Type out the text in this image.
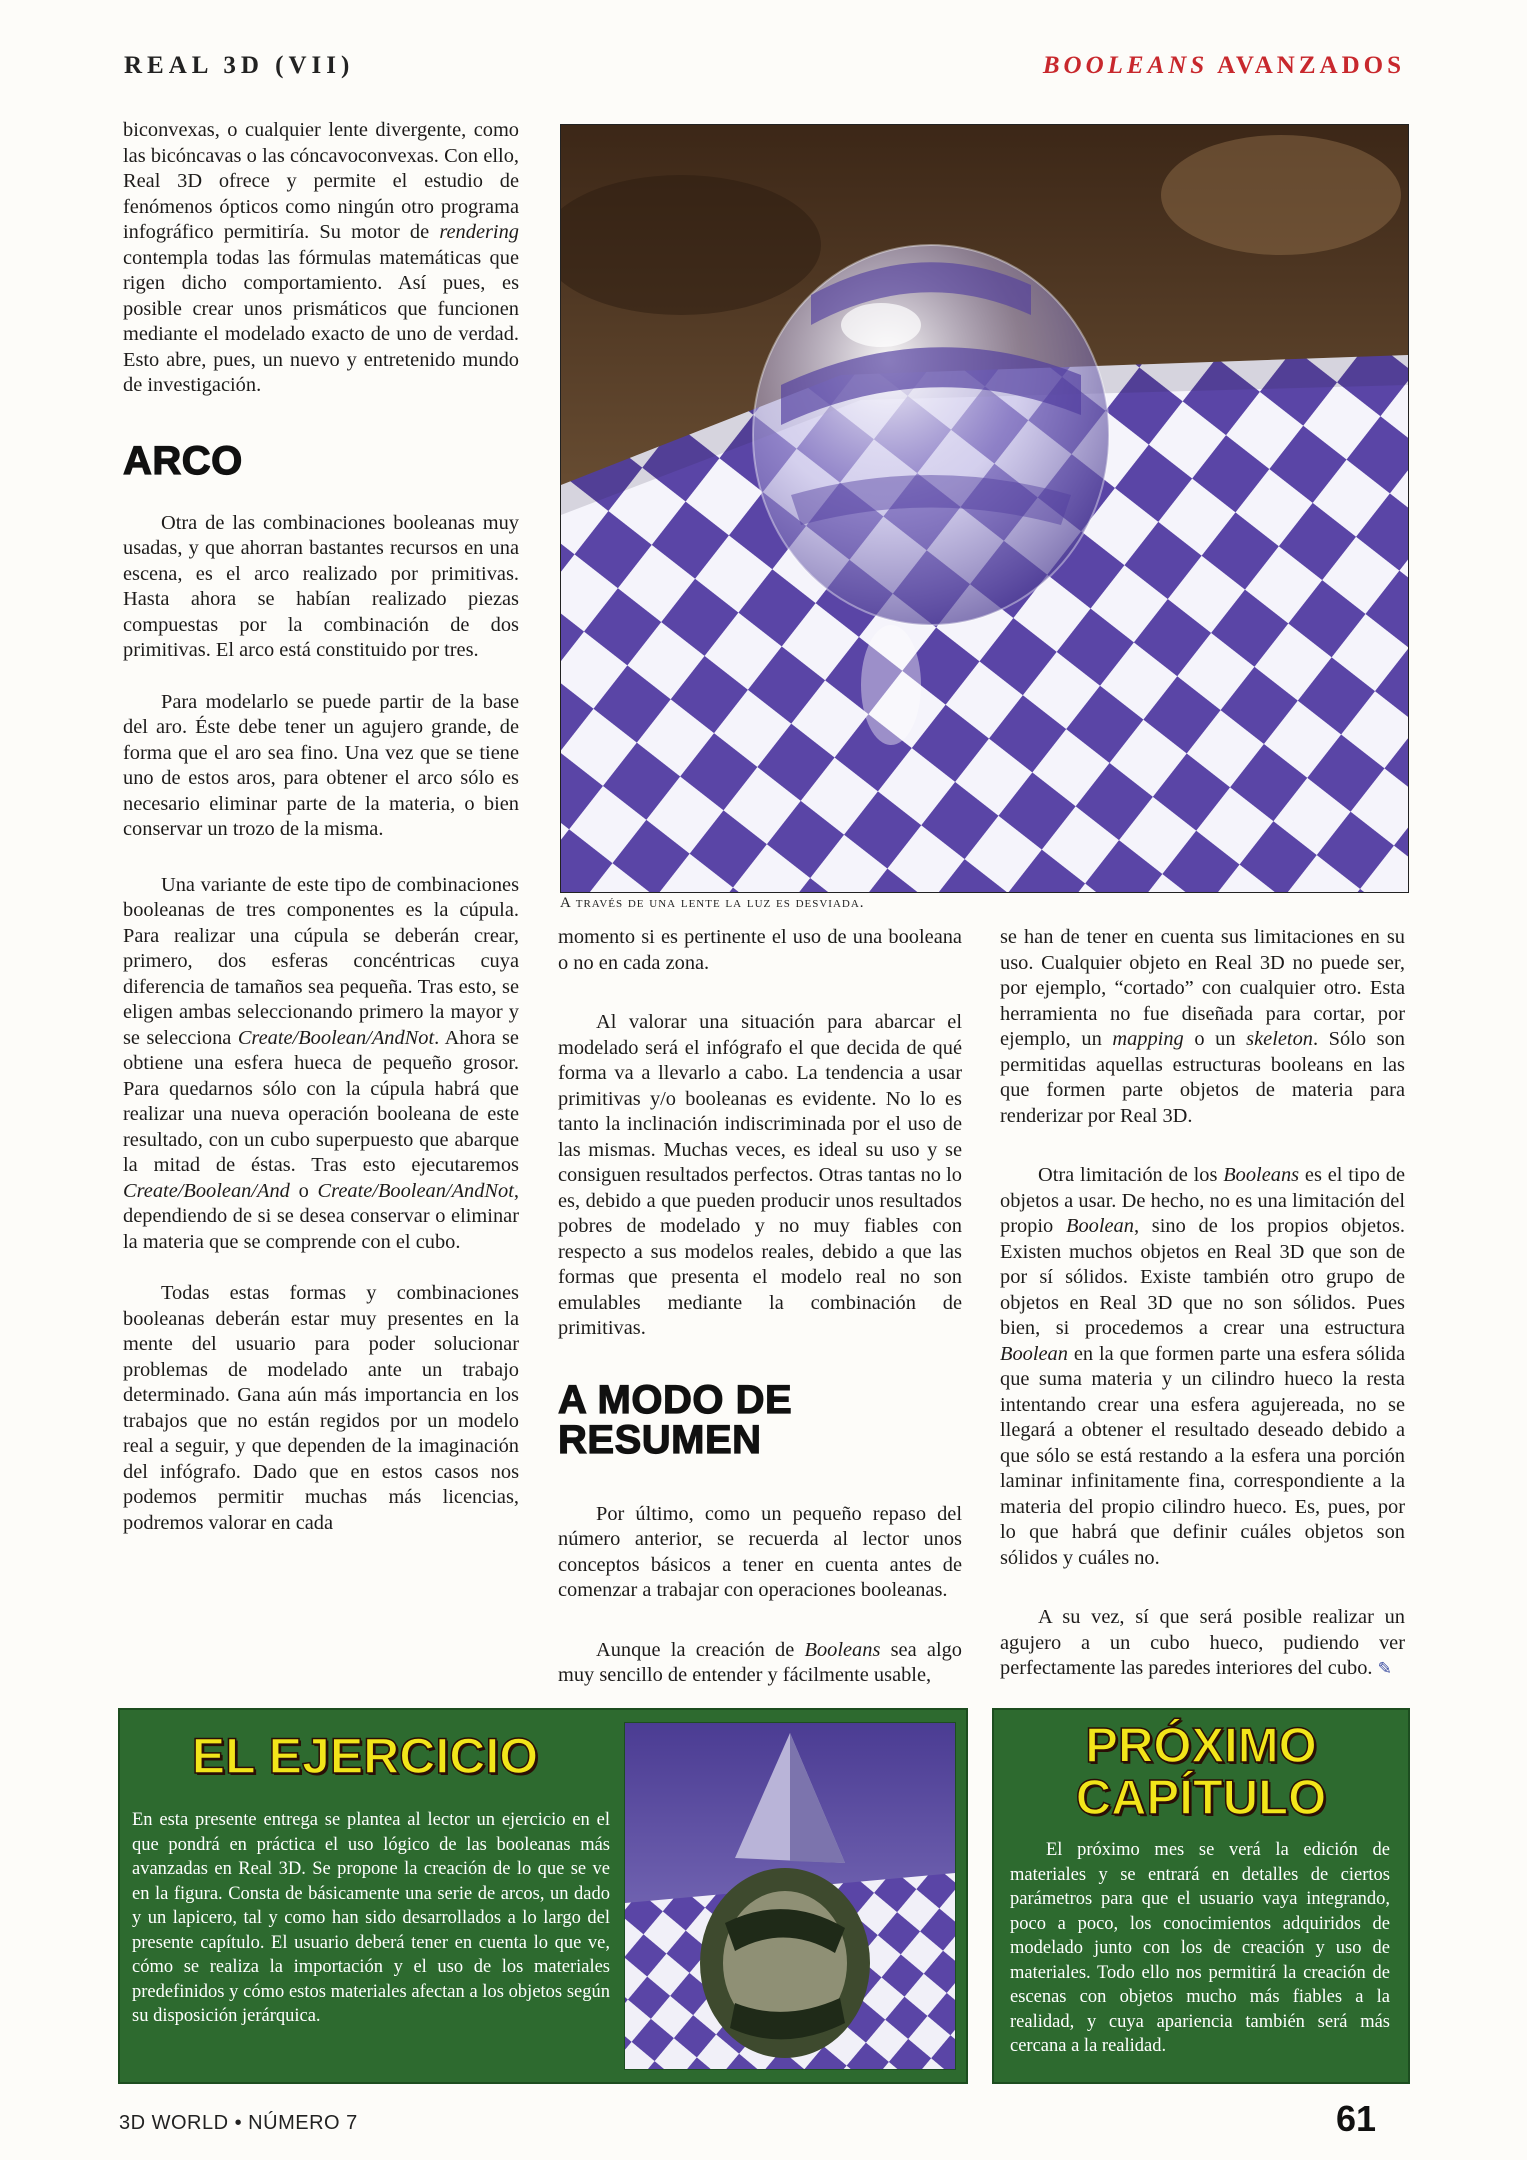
REAL 3D (VII)	BOOLEANS AVANZADOS

biconvexas, o cualquier lente divergente, como las bicóncavas o las cóncavoconvexas. Con ello, Real 3D ofrece y permite el estudio de fenómenos ópticos como ningún otro programa infográfico permitiría. Su motor de rendering contempla todas las fórmulas matemáticas que rigen dicho comportamiento. Así pues, es posible crear unos prismáticos que funcionen mediante el modelado exacto de uno de verdad. Esto abre, pues, un nuevo y entretenido mundo de investigación.

ARCO

Otra de las combinaciones booleanas muy usadas, y que ahorran bastantes recursos en una escena, es el arco realizado por primitivas. Hasta ahora se habían realizado piezas compuestas por la combinación de dos primitivas. El arco está constituido por tres.

Para modelarlo se puede partir de la base del aro. Éste debe tener un agujero grande, de forma que el aro sea fino. Una vez que se tiene uno de estos aros, para obtener el arco sólo es necesario eliminar parte de la materia, o bien conservar un trozo de la misma.

Una variante de este tipo de combinaciones booleanas de tres componentes es la cúpula. Para realizar una cúpula se deberán crear, primero, dos esferas concéntricas cuya diferencia de tamaños sea pequeña. Tras esto, se eligen ambas seleccionando primero la mayor y se selecciona Create/Boolean/AndNot. Ahora se obtiene una esfera hueca de pequeño grosor. Para quedarnos sólo con la cúpula habrá que realizar una nueva operación booleana de este resultado, con un cubo superpuesto que abarque la mitad de éstas. Tras esto ejecutaremos Create/Boolean/And o Create/Boolean/AndNot, dependiendo de si se desea conservar o eliminar la materia que se comprende con el cubo.

Todas estas formas y combinaciones booleanas deberán estar muy presentes en la mente del usuario para poder solucionar problemas de modelado ante un trabajo determinado. Gana aún más importancia en los trabajos que no están regidos por un modelo real a seguir, y que dependen de la imaginación del infógrafo. Dado que en estos casos nos podemos permitir muchas más licencias, podremos valorar en cada

A través de una lente la luz es desviada.

momento si es pertinente el uso de una booleana o no en cada zona.

Al valorar una situación para abarcar el modelado será el infógrafo el que decida de qué forma va a llevarlo a cabo. La tendencia a usar primitivas y/o booleanas es evidente. No lo es tanto la inclinación indiscriminada por el uso de las mismas. Muchas veces, es ideal su uso y se consiguen resultados perfectos. Otras tantas no lo es, debido a que pueden producir unos resultados pobres de modelado y no muy fiables con respecto a sus modelos reales, debido a que las formas que presenta el modelo real no son emulables mediante la combinación de primitivas.

A MODO DE
RESUMEN

Por último, como un pequeño repaso del número anterior, se recuerda al lector unos conceptos básicos a tener en cuenta antes de comenzar a trabajar con operaciones booleanas.

Aunque la creación de Booleans sea algo muy sencillo de entender y fácilmente usable,

se han de tener en cuenta sus limitaciones en su uso. Cualquier objeto en Real 3D no puede ser, por ejemplo, “cortado” con cualquier otro. Esta herramienta no fue diseñada para cortar, por ejemplo, un mapping o un skeleton. Sólo son permitidas aquellas estructuras booleans en las que formen parte objetos de materia para renderizar por Real 3D.

Otra limitación de los Booleans es el tipo de objetos a usar. De hecho, no es una limitación del propio Boolean, sino de los propios objetos. Existen muchos objetos en Real 3D que son de por sí sólidos. Existe también otro grupo de objetos en Real 3D que no son sólidos. Pues bien, si procedemos a crear una estructura Boolean en la que formen parte una esfera sólida que suma materia y un cilindro hueco la resta intentando crear una esfera agujereada, no se llegará a obtener el resultado deseado debido a que sólo se está restando a la esfera una porción laminar infinitamente fina, correspondiente a la materia del propio cilindro hueco. Es, pues, por lo que habrá que definir cuáles objetos son sólidos y cuáles no.

A su vez, sí que será posible realizar un agujero a un cubo hueco, pudiendo ver perfectamente las paredes interiores del cubo. ✎

EL EJERCICIO
En esta presente entrega se plantea al lector un ejercicio en el que pondrá en práctica el uso lógico de las booleanas más avanzadas en Real 3D. Se propone la creación de lo que se ve en la figura. Consta de básicamente una serie de arcos, un dado y un lapicero, tal y como han sido desarrollados a lo largo del presente capítulo. El usuario deberá tener en cuenta lo que ve, cómo se realiza la importación y el uso de los materiales predefinidos y cómo estos materiales afectan a los objetos según su disposición jerárquica.
PRÓXIMO
CAPÍTULO
El próximo mes se verá la edición de materiales y se entrará en detalles de ciertos parámetros para que el usuario vaya integrando, poco a poco, los conocimientos adquiridos de modelado junto con los de creación y uso de materiales. Todo ello nos permitirá la creación de escenas con objetos mucho más fiables a la realidad, y cuya apariencia también será más cercana a la realidad.
3D WORLD • NÚMERO 7	61
